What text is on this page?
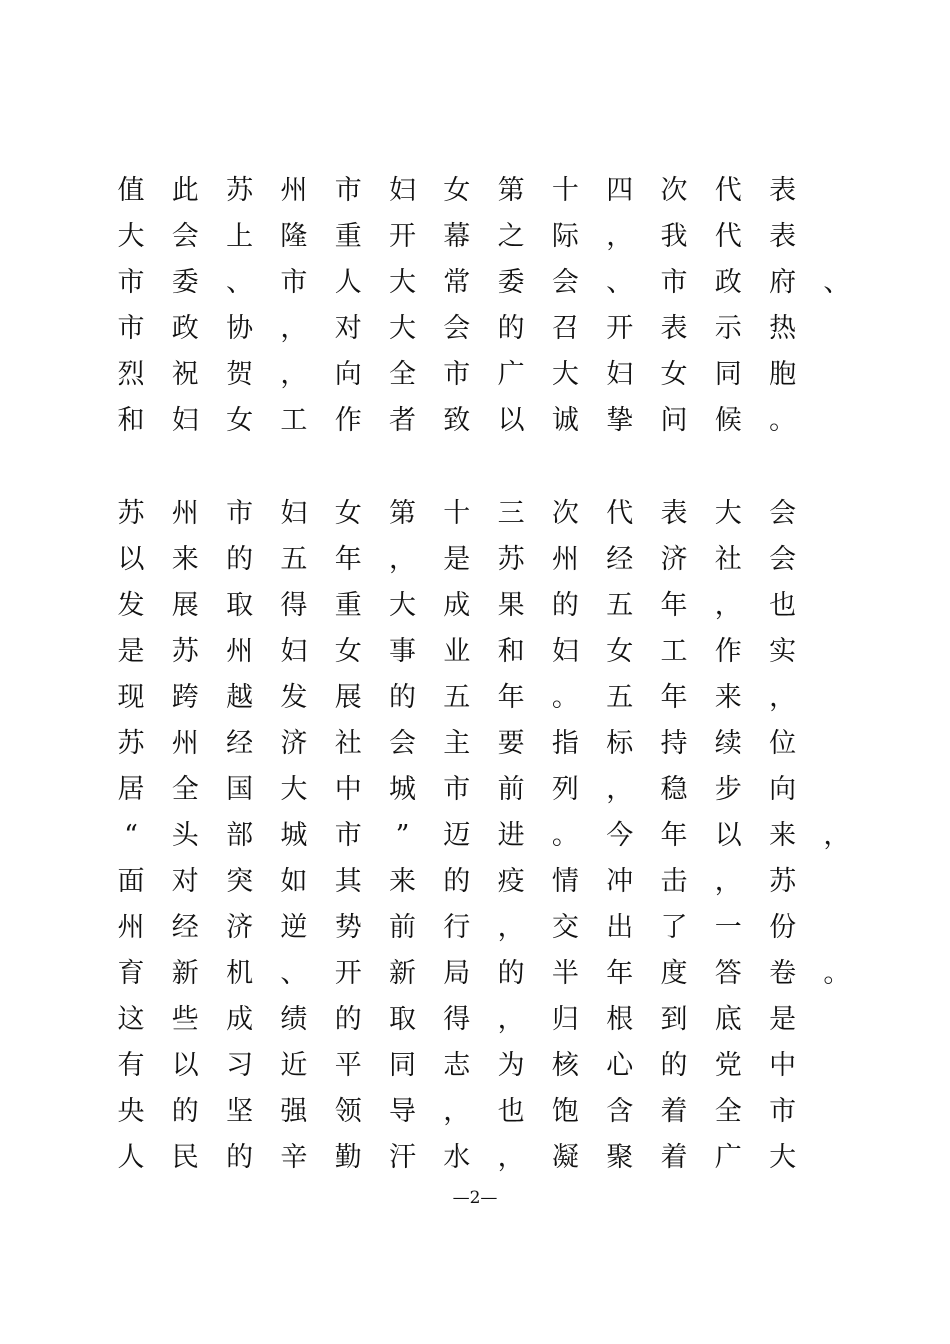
值 此 苏 州 市 妇 女 第 十 四 次 代 表
大 会 上 隆 重 开 幕 之 际 ， 我 代 表
市 委 、 市 人 大 常 委 会 、 市 政 府 、
市 政 协 ， 对 大 会 的 召 开 表 示 热
烈 祝 贺 ， 向 全 市 广 大 妇 女 同 胞
和 妇 女 工 作 者 致 以 诚 挚 问 候 。
苏 州 市 妇 女 第 十 三 次 代 表 大 会
以 来 的 五 年 ， 是 苏 州 经 济 社 会
发 展 取 得 重 大 成 果 的 五 年 ， 也
是 苏 州 妇 女 事 业 和 妇 女 工 作 实
现 跨 越 发 展 的 五 年 。 五 年 来 ，
苏 州 经 济 社 会 主 要 指 标 持 续 位
居 全 国 大 中 城 市 前 列 ， 稳 步 向
“	头 部 城 市	”	迈 进 。 今 年 以 来 ，
面 对 突 如 其 来 的 疫 情 冲 击 ， 苏
州 经 济 逆 势 前 行 ， 交 出 了 一 份
育 新 机 、 开 新 局 的 半 年 度 答 卷 。
这 些 成 绩 的 取 得 ， 归 根 到 底 是
有 以 习 近 平 同 志 为 核 心 的 党 中
央 的 坚 强 领 导 ， 也 饱 含 着 全 市
人 民 的 辛 勤 汗 水 ， 凝 聚 着 广 大
—2—
